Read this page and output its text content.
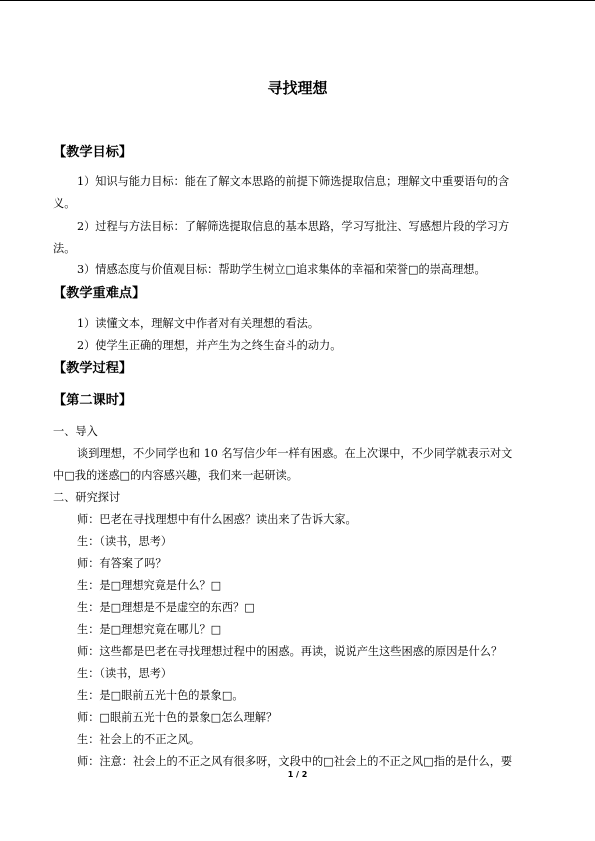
寻找理想
【教学目标】
1）知识与能力目标：能在了解文本思路的前提下筛选提取信息；理解文中重要语句的含
义。
2）过程与方法目标：了解筛选提取信息的基本思路，学习写批注、写感想片段的学习方
法。
3）情感态度与价值观目标：帮助学生树立□追求集体的幸福和荣誉□的崇高理想。
【教学重难点】
1）读懂文本，理解文中作者对有关理想的看法。
2）使学生正确的理想，并产生为之终生奋斗的动力。
【教学过程】
【第二课时】
一、导入
谈到理想，不少同学也和 10 名写信少年一样有困惑。在上次课中，不少同学就表示对文
中□我的迷惑□的内容感兴趣，我们来一起研读。
二、研究探讨
师：巴老在寻找理想中有什么困惑？读出来了告诉大家。
生：（读书，思考）
师：有答案了吗？
生：是□理想究竟是什么？□
生：是□理想是不是虚空的东西？□
生：是□理想究竟在哪儿？□
师：这些都是巴老在寻找理想过程中的困惑。再读，说说产生这些困惑的原因是什么？
生：（读书，思考）
生：是□眼前五光十色的景象□。
师：□眼前五光十色的景象□怎么理解？
生：社会上的不正之风。
师：注意：社会上的不正之风有很多呀，文段中的□社会上的不正之风□指的是什么，要
1 / 2
